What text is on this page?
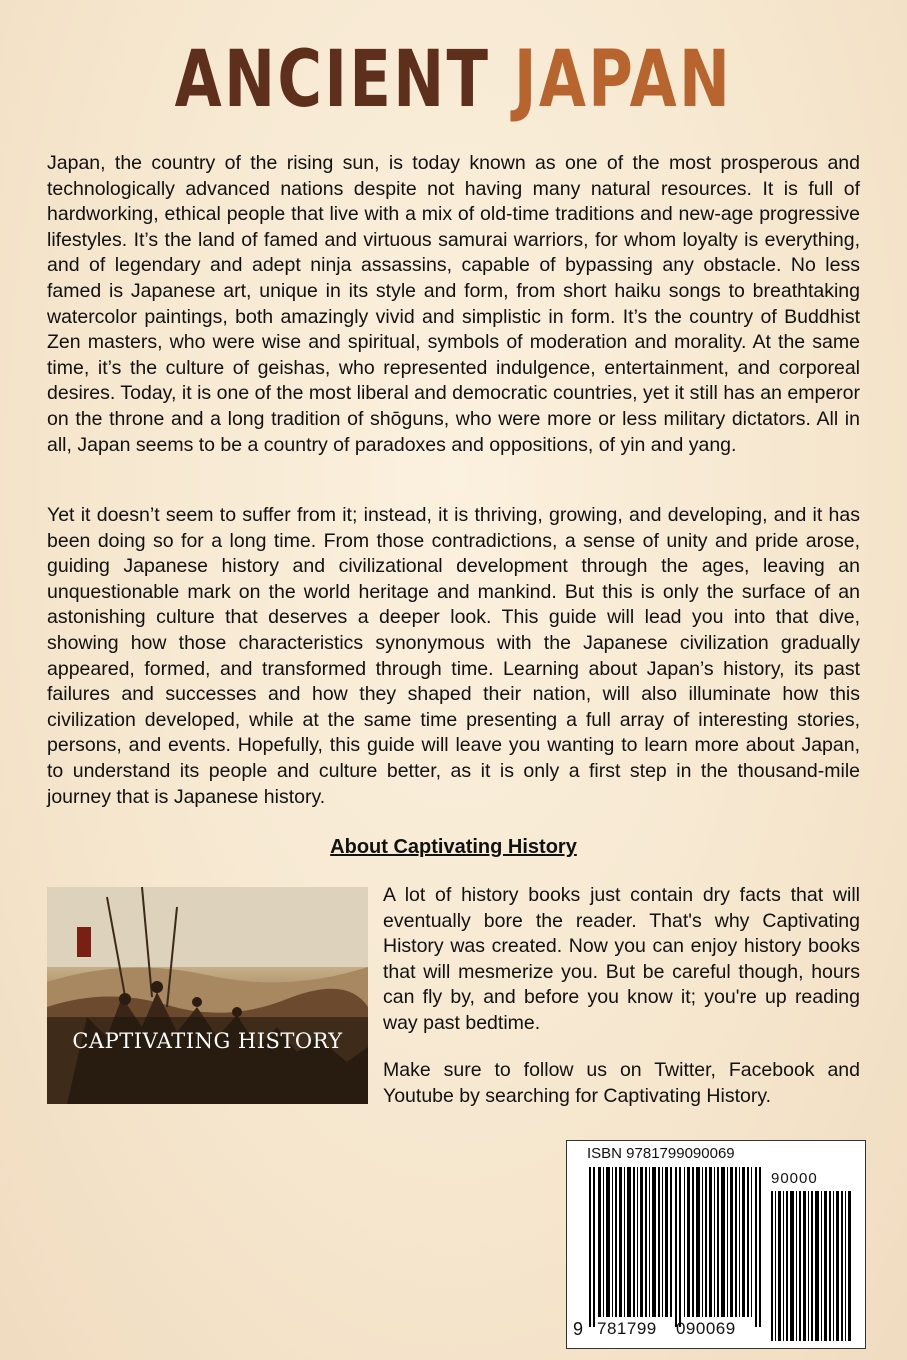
ANCIENT JAPAN

Japan, the country of the rising sun, is today known as one of the most prosperous and technologically advanced nations despite not having many natural resources. It is full of hardworking, ethical people that live with a mix of old-time traditions and new-age progressive lifestyles. It’s the land of famed and virtuous samurai warriors, for whom loyalty is everything, and of legendary and adept ninja assassins, capable of bypassing any obstacle. No less famed is Japanese art, unique in its style and form, from short haiku songs to breathtaking watercolor paintings, both amazingly vivid and simplistic in form. It’s the country of Buddhist Zen masters, who were wise and spiritual, symbols of moderation and morality. At the same time, it’s the culture of geishas, who represented indulgence, entertainment, and corporeal desires. Today, it is one of the most liberal and democratic countries, yet it still has an emperor on the throne and a long tradition of shōguns, who were more or less military dictators. All in all, Japan seems to be a country of paradoxes and oppositions, of yin and yang.

Yet it doesn’t seem to suffer from it; instead, it is thriving, growing, and developing, and it has been doing so for a long time. From those contradictions, a sense of unity and pride arose, guiding Japanese history and civilizational development through the ages, leaving an unquestionable mark on the world heritage and mankind. But this is only the surface of an astonishing culture that deserves a deeper look. This guide will lead you into that dive, showing how those characteristics synonymous with the Japanese civilization gradually appeared, formed, and transformed through time. Learning about Japan’s history, its past failures and successes and how they shaped their nation, will also illuminate how this civilization developed, while at the same time presenting a full array of interesting stories, persons, and events. Hopefully, this guide will leave you wanting to learn more about Japan, to understand its people and culture better, as it is only a first step in the thousand-mile journey that is Japanese history.

About Captivating History
CAPTIVATING HISTORY

A lot of history books just contain dry facts that will eventually bore the reader. That's why Captivating History was created. Now you can enjoy history books that will mesmerize you. But be careful though, hours can fly by, and before you know it; you're up reading way past bedtime.

Make sure to follow us on Twitter, Facebook and Youtube by searching for Captivating History.

ISBN 9781799090069
90000
9 781799 090069
